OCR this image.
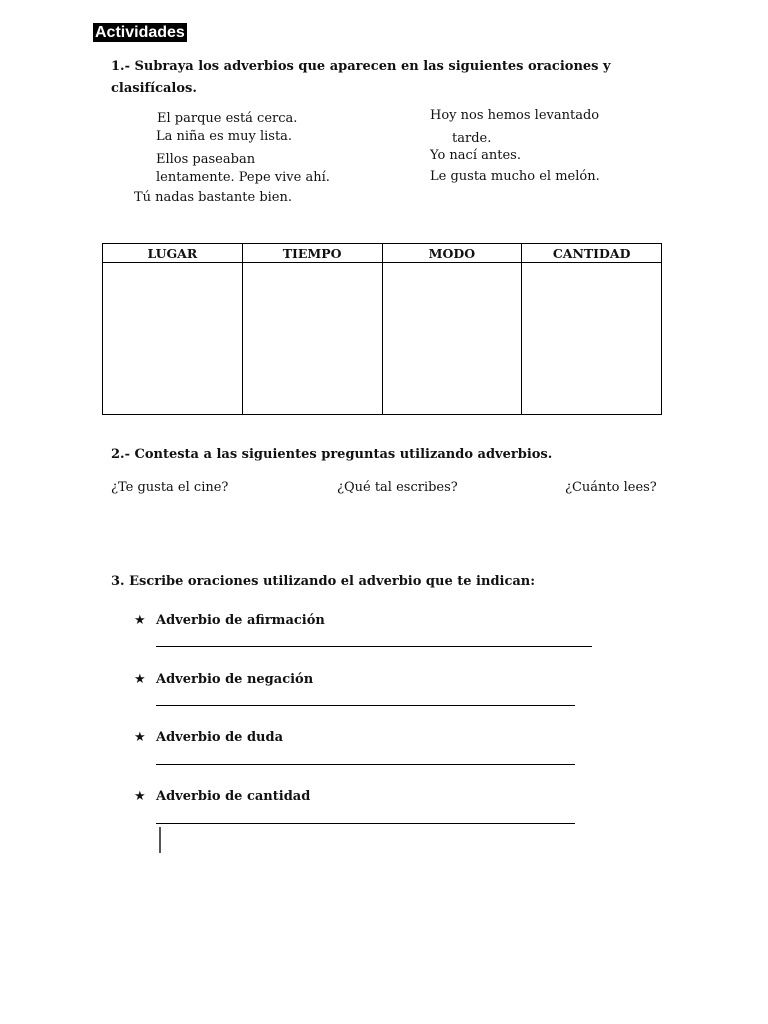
Actividades
1.- Subraya los adverbios que aparecen en las siguientes oraciones y
clasifícalos.
El parque está cerca.
La niña es muy lista.
Ellos paseaban
lentamente. Pepe vive ahí.
Tú nadas bastante bien.
Hoy nos hemos levantado
tarde.
Yo nací antes.
Le gusta mucho el melón.
LUGAR	TIEMPO	MODO	CANTIDAD

2.- Contesta a las siguientes preguntas utilizando adverbios.
¿Te gusta el cine?	¿Qué tal escribes?	¿Cuánto lees?
3. Escribe oraciones utilizando el adverbio que te indican:
★ Adverbio de afirmación
★ Adverbio de negación
★ Adverbio de duda
★ Adverbio de cantidad
